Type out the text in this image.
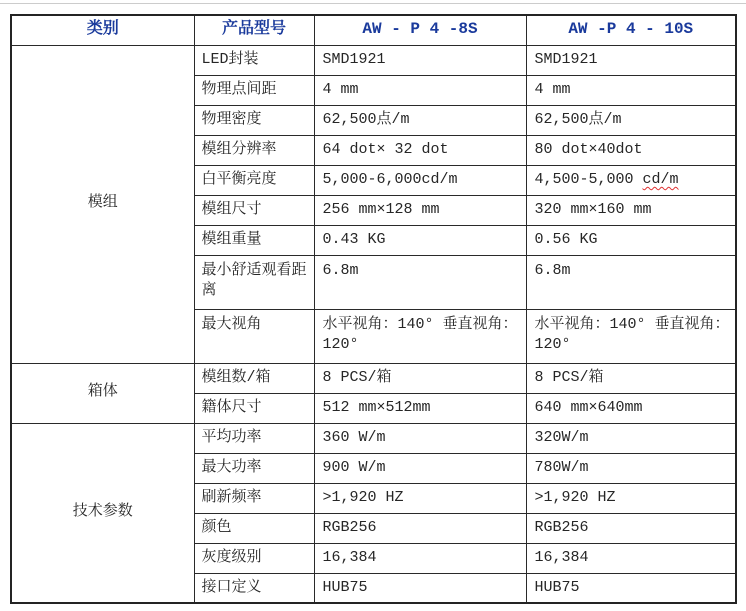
类别	产品型号	AW - P 4 -8S	AW -P 4 - 10S
模组	LED封装	SMD1921	SMD1921
	物理点间距	4 mm	4 mm
	物理密度	62,500点/m	62,500点/m
	模组分辨率	64 dot× 32 dot	80 dot×40dot
	白平衡亮度	5,000-6,000cd/m	4,500-5,000 cd/m
	模组尺寸	256 mm×128 mm	320 mm×160 mm
	模组重量	0.43 KG	0.56 KG
	最小舒适观看距离	6.8m	6.8m
	最大视角	水平视角：140° 垂直视角：120°	水平视角：140° 垂直视角：120°
箱体	模组数/箱	8 PCS/箱	8 PCS/箱
	籍体尺寸	512 mm×512mm	640 mm×640mm
技术参数	平均功率	360 W/m	320W/m
	最大功率	900 W/m	780W/m
	刷新频率	>1,920 HZ	>1,920 HZ
	颜色	RGB256	RGB256
	灰度级别	16,384	16,384
	接口定义	HUB75	HUB75
